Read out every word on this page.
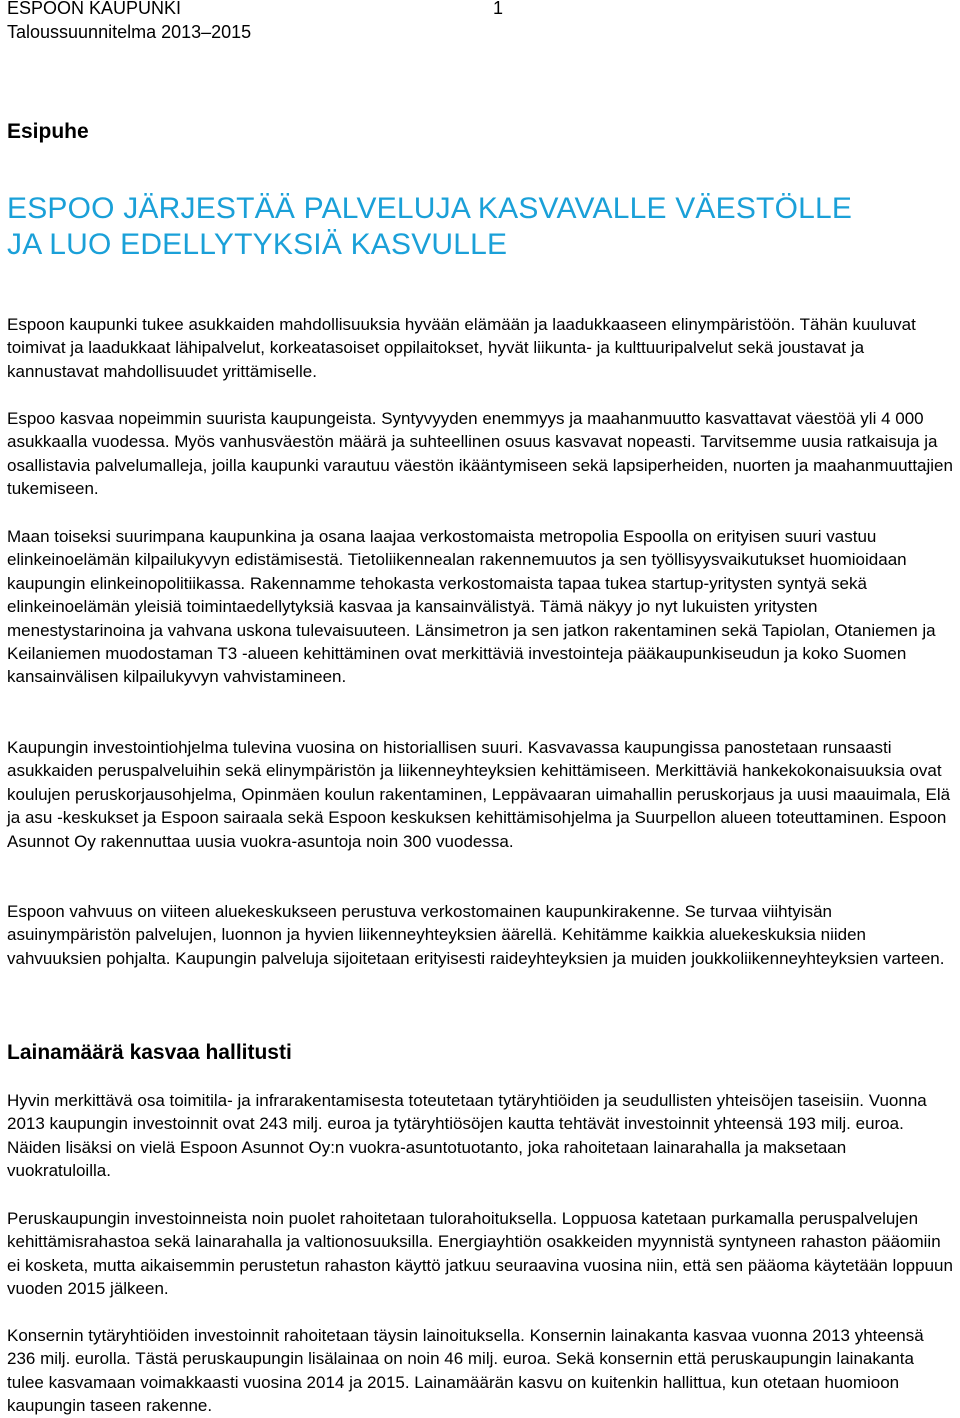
ESPOON KAUPUNKI	1
Taloussuunnitelma 2013–2015
Esipuhe
ESPOO JÄRJESTÄÄ PALVELUJA KASVAVALLE VÄESTÖLLE
JA LUO EDELLYTYKSIÄ KASVULLE

Espoon kaupunki tukee asukkaiden mahdollisuuksia hyvään elämään ja laadukkaaseen elinympäristöön. Tähän kuuluvat toimivat ja laadukkaat lähipalvelut, korkeatasoiset oppilaitokset, hyvät liikunta- ja kulttuuripalvelut sekä joustavat ja kannustavat mahdollisuudet yrittämiselle.

Espoo kasvaa nopeimmin suurista kaupungeista. Syntyvyyden enemmyys ja maahanmuutto kasvattavat väestöä yli 4 000 asukkaalla vuodessa. Myös vanhusväestön määrä ja suhteellinen osuus kasvavat nopeasti. Tarvitsemme uusia ratkaisuja ja osallistavia palvelumalleja, joilla kaupunki varautuu väestön ikääntymiseen sekä lapsiperheiden, nuorten ja maahanmuuttajien tukemiseen.

Maan toiseksi suurimpana kaupunkina ja osana laajaa verkostomaista metropolia Espoolla on erityisen suuri vastuu elinkeinoelämän kilpailukyvyn edistämisestä. Tietoliikennealan rakennemuutos ja sen työllisyysvaikutukset huomioidaan kaupungin elinkeinopolitiikassa. Rakennamme tehokasta verkostomaista tapaa tukea startup-yritysten syntyä sekä elinkeinoelämän yleisiä toimintaedellytyksiä kasvaa ja kansainvälistyä. Tämä näkyy jo nyt lukuisten yritysten menestystarinoina ja vahvana uskona tulevaisuuteen. Länsimetron ja sen jatkon rakentaminen sekä Tapiolan, Otaniemen ja Keilaniemen muodostaman T3 -alueen kehittäminen ovat merkittäviä investointeja pääkaupunkiseudun ja koko Suomen kansainvälisen kilpailukyvyn vahvistamineen.

Kaupungin investointiohjelma tulevina vuosina on historiallisen suuri. Kasvavassa kaupungissa panostetaan runsaasti asukkaiden peruspalveluihin sekä elinympäristön ja liikenneyhteyksien kehittämiseen. Merkittäviä hankekokonaisuuksia ovat koulujen peruskorjausohjelma, Opinmäen koulun rakentaminen, Leppävaaran uimahallin peruskorjaus ja uusi maauimala, Elä ja asu -keskukset ja Espoon sairaala sekä Espoon keskuksen kehittämisohjelma ja Suurpellon alueen toteuttaminen. Espoon Asunnot Oy rakennuttaa uusia vuokra-asuntoja noin 300 vuodessa.

Espoon vahvuus on viiteen aluekeskukseen perustuva verkostomainen kaupunkirakenne. Se turvaa viihtyisän asuinympäristön palvelujen, luonnon ja hyvien liikenneyhteyksien äärellä. Kehitämme kaikkia aluekeskuksia niiden vahvuuksien pohjalta. Kaupungin palveluja sijoitetaan erityisesti raideyhteyksien ja muiden joukkoliikenneyhteyksien varteen.

Lainamäärä kasvaa hallitusti

Hyvin merkittävä osa toimitila- ja infrarakentamisesta toteutetaan tytäryhtiöiden ja seudullisten yhteisöjen taseisiin. Vuonna 2013 kaupungin investoinnit ovat 243 milj. euroa ja tytäryhtiösöjen kautta tehtävät investoinnit yhteensä 193 milj. euroa. Näiden lisäksi on vielä Espoon Asunnot Oy:n vuokra-asuntotuotanto, joka rahoitetaan lainarahalla ja maksetaan vuokratuloilla.

Peruskaupungin investoinneista noin puolet rahoitetaan tulorahoituksella. Loppuosa katetaan purkamalla peruspalvelujen kehittämisrahastoa sekä lainarahalla ja valtionosuuksilla. Energiayhtiön osakkeiden myynnistä syntyneen rahaston pääomiin ei kosketa, mutta aikaisemmin perustetun rahaston käyttö jatkuu seuraavina vuosina niin, että sen pääoma käytetään loppuun vuoden 2015 jälkeen.

Konsernin tytäryhtiöiden investoinnit rahoitetaan täysin lainoituksella. Konsernin lainakanta kasvaa vuonna 2013 yhteensä 236 milj. eurolla. Tästä peruskaupungin lisälainaa on noin 46 milj. euroa. Sekä konsernin että peruskaupungin lainakanta tulee kasvamaan voimakkaasti vuosina 2014 ja 2015. Lainamäärän kasvu on kuitenkin hallittua, kun otetaan huomioon kaupungin taseen rakenne.
